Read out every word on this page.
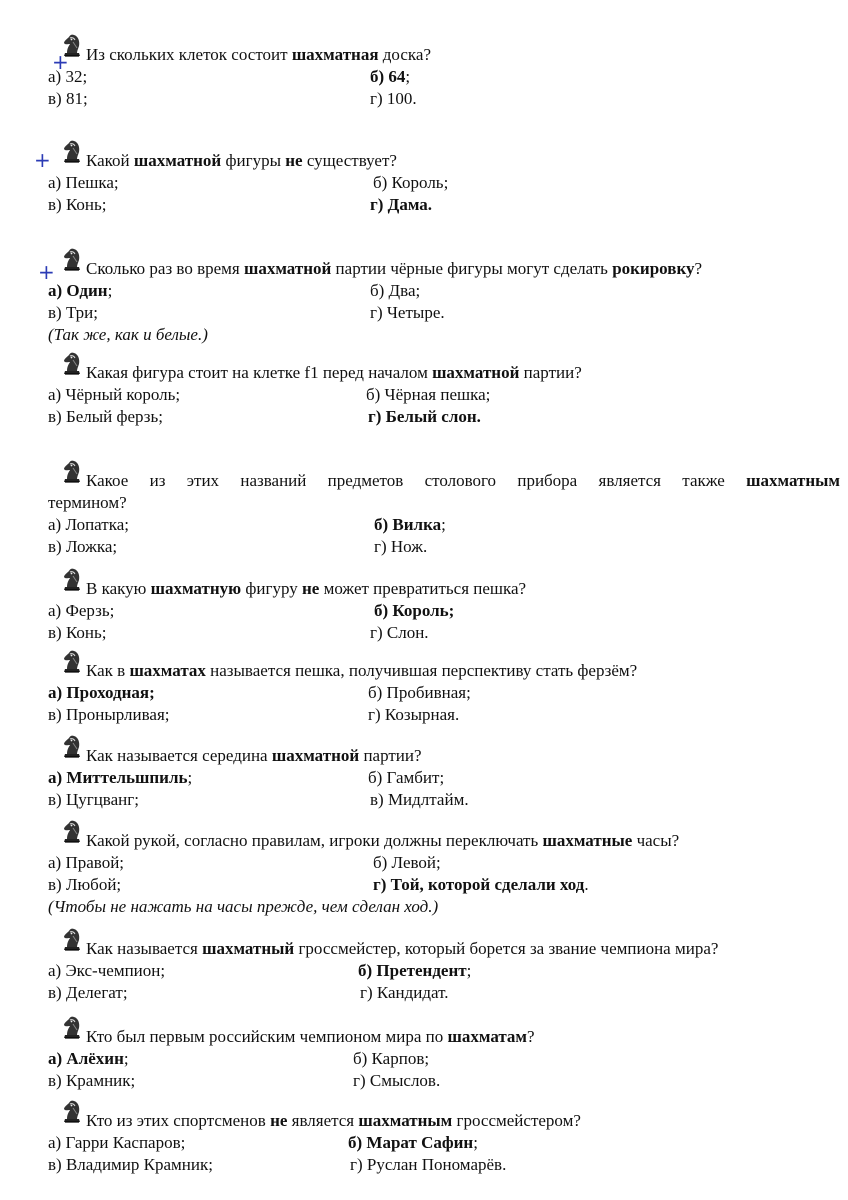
Из скольких клеток состоит шахматная доска?
а) 32;	б) 64;
в) 81;	г) 100.
Какой шахматной фигуры не существует?
а) Пешка;	б) Король;
в) Конь;	г) Дама.
Сколько раз во время шахматной партии чёрные фигуры могут сделать рокировку?
а) Один;	б) Два;
в) Три;	г) Четыре.
(Так же, как и белые.)
Какая фигура стоит на клетке f1 перед началом шахматной партии?
а) Чёрный король;	б) Чёрная пешка;
в) Белый ферзь;	г) Белый слон.
Какое из этих названий предметов столового прибора является также шахматным
термином?
а) Лопатка;	б) Вилка;
в) Ложка;	г) Нож.
В какую шахматную фигуру не может превратиться пешка?
а) Ферзь;	б) Король;
в) Конь;	г) Слон.
Как в шахматах называется пешка, получившая перспективу стать ферзём?
а) Проходная;	б) Пробивная;
в) Пронырливая;	г) Козырная.
Как называется середина шахматной партии?
а) Миттельшпиль;	б) Гамбит;
в) Цугцванг;	в) Мидлтайм.
Какой рукой, согласно правилам, игроки должны переключать шахматные часы?
а) Правой;	б) Левой;
в) Любой;	г) Той, которой сделали ход.
(Чтобы не нажать на часы прежде, чем сделан ход.)
Как называется шахматный гроссмейстер, который борется за звание чемпиона мира?
а) Экс-чемпион;	б) Претендент;
в) Делегат;	г) Кандидат.
Кто был первым российским чемпионом мира по шахматам?
а) Алёхин;	б) Карпов;
в) Крамник;	г) Смыслов.
Кто из этих спортсменов не является шахматным гроссмейстером?
а) Гарри Каспаров;	б) Марат Сафин;
в) Владимир Крамник;	г) Руслан Пономарёв.
+
+
+
